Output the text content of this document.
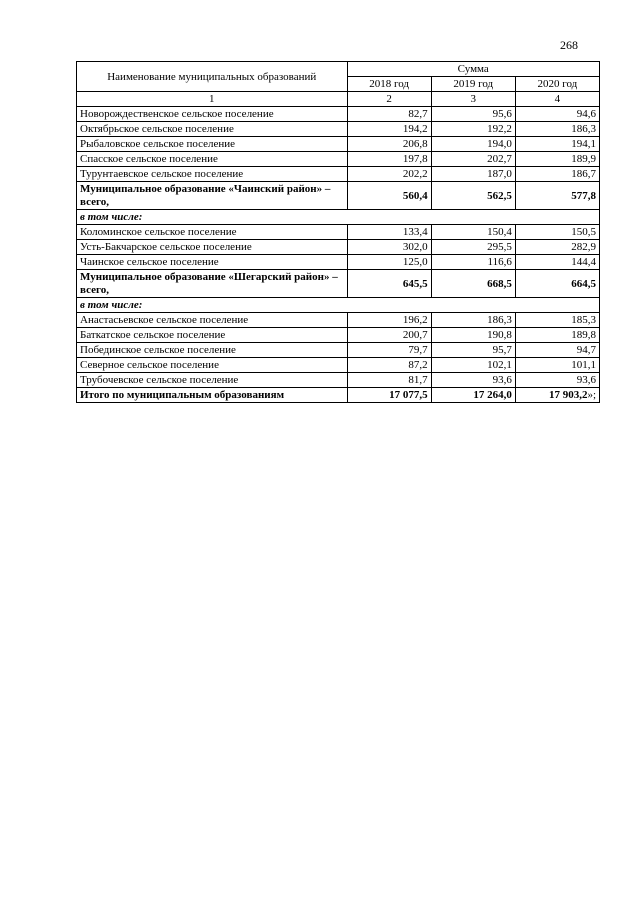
268
Наименование муниципальных образований	Сумма		
	2018 год	2019 год	2020 год
1	2	3	4
Новорождественское сельское поселение	82,7	95,6	94,6
Октябрьское сельское поселение	194,2	192,2	186,3
Рыбаловское сельское поселение	206,8	194,0	194,1
Спасское сельское поселение	197,8	202,7	189,9
Турунтаевское сельское поселение	202,2	187,0	186,7
Муниципальное образование «Чаинский район» – всего,	560,4	562,5	577,8
в том числе:			
Коломинское сельское поселение	133,4	150,4	150,5
Усть-Бакчарское сельское поселение	302,0	295,5	282,9
Чаинское сельское поселение	125,0	116,6	144,4
Муниципальное образование «Шегарский район» – всего,	645,5	668,5	664,5
в том числе:			
Анастасьевское сельское поселение	196,2	186,3	185,3
Баткатское сельское поселение	200,7	190,8	189,8
Побединское сельское поселение	79,7	95,7	94,7
Северное сельское поселение	87,2	102,1	101,1
Трубочевское сельское поселение	81,7	93,6	93,6
Итого по муниципальным образованиям	17 077,5	17 264,0	17 903,2»;
